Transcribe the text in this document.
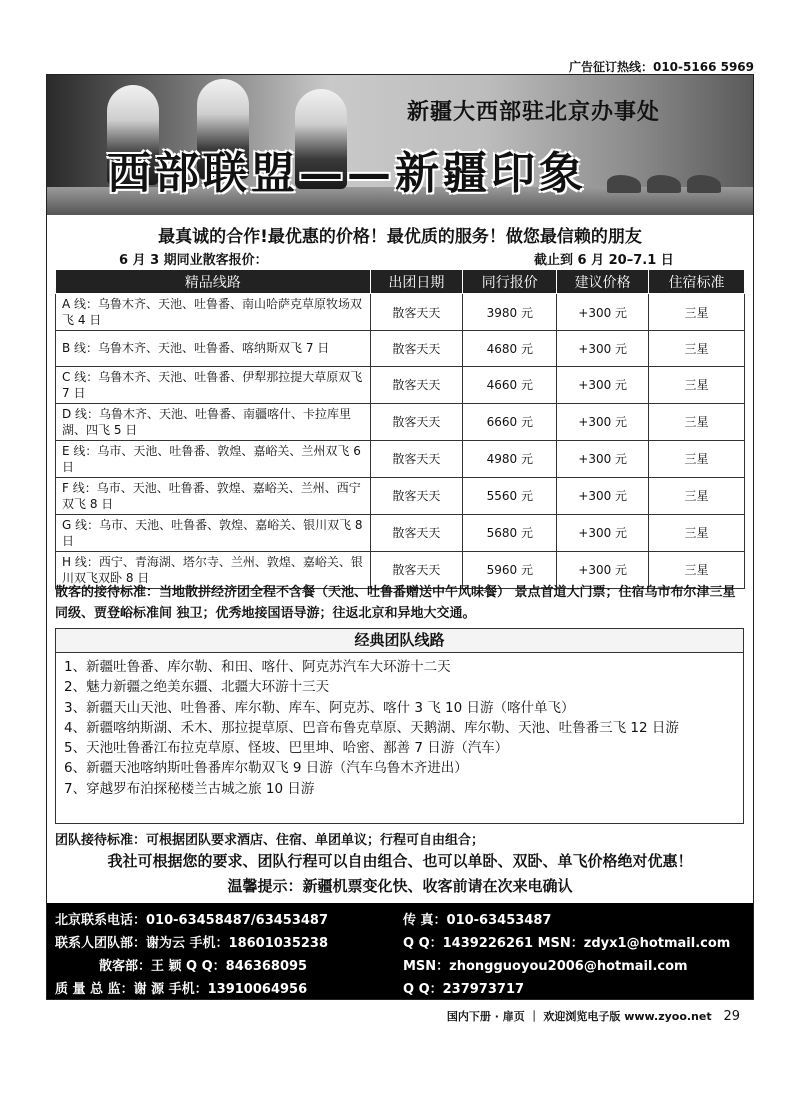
广告征订热线：010-5166 5969
新疆大西部驻北京办事处
西部联盟——新疆印象
最真诚的合作!最优惠的价格！最优质的服务！做您最信赖的朋友
6 月 3 期同业散客报价：	截止到 6 月 20–7.1 日
精品线路	出团日期	同行报价	建议价格	住宿标准
A 线：乌鲁木齐、天池、吐鲁番、南山哈萨克草原牧场双飞 4 日	散客天天	3980 元	+300 元	三星
B 线：乌鲁木齐、天池、吐鲁番、喀纳斯双飞 7 日	散客天天	4680 元	+300 元	三星
C 线：乌鲁木齐、天池、吐鲁番、伊犁那拉提大草原双飞 7 日	散客天天	4660 元	+300 元	三星
D 线：乌鲁木齐、天池、吐鲁番、南疆喀什、卡拉库里湖、四飞 5 日	散客天天	6660 元	+300 元	三星
E 线：乌市、天池、吐鲁番、敦煌、嘉峪关、兰州双飞 6 日	散客天天	4980 元	+300 元	三星
F 线：乌市、天池、吐鲁番、敦煌、嘉峪关、兰州、西宁双飞 8 日	散客天天	5560 元	+300 元	三星
G 线：乌市、天池、吐鲁番、敦煌、嘉峪关、银川双飞 8 日	散客天天	5680 元	+300 元	三星
H 线：西宁、青海湖、塔尔寺、兰州、敦煌、嘉峪关、银川双飞双卧 8 日	散客天天	5960 元	+300 元	三星
散客的接待标准：当地散拼经济团全程不含餐（天池、吐鲁番赠送中午风味餐） 景点首道大门票；住宿乌市布尔津三星同级、贾登峪标准间 独卫；优秀地接国语导游；往返北京和异地大交通。
经典团队线路
1、新疆吐鲁番、库尔勒、和田、喀什、阿克苏汽车大环游十二天
2、魅力新疆之绝美东疆、北疆大环游十三天
3、新疆天山天池、吐鲁番、库尔勒、库车、阿克苏、喀什 3 飞 10 日游（喀什单飞）
4、新疆喀纳斯湖、禾木、那拉提草原、巴音布鲁克草原、天鹅湖、库尔勒、天池、吐鲁番三飞 12 日游
5、天池吐鲁番江布拉克草原、怪坡、巴里坤、哈密、鄯善 7 日游（汽车）
6、新疆天池喀纳斯吐鲁番库尔勒双飞 9 日游（汽车乌鲁木齐进出）
7、穿越罗布泊探秘楼兰古城之旅 10 日游
团队接待标准：可根据团队要求酒店、住宿、单团单议；行程可自由组合；
我社可根据您的要求、团队行程可以自由组合、也可以单卧、双卧、单飞价格绝对优惠！
温馨提示：新疆机票变化快、收客前请在次来电确认
北京联系电话：010-63458487/63453487	传 真：010-63453487
联系人团队部：谢为云 手机：18601035238	Q Q：1439226261 MSN：zdyx1@hotmail.com
散客部：王 颖 Q Q：846368095	MSN：zhongguoyou2006@hotmail.com
质 量 总 监：谢 源 手机：13910064956	Q Q：237973717
国内下册 · 扉页 ｜ 欢迎浏览电子版 www.zyoo.net 29
